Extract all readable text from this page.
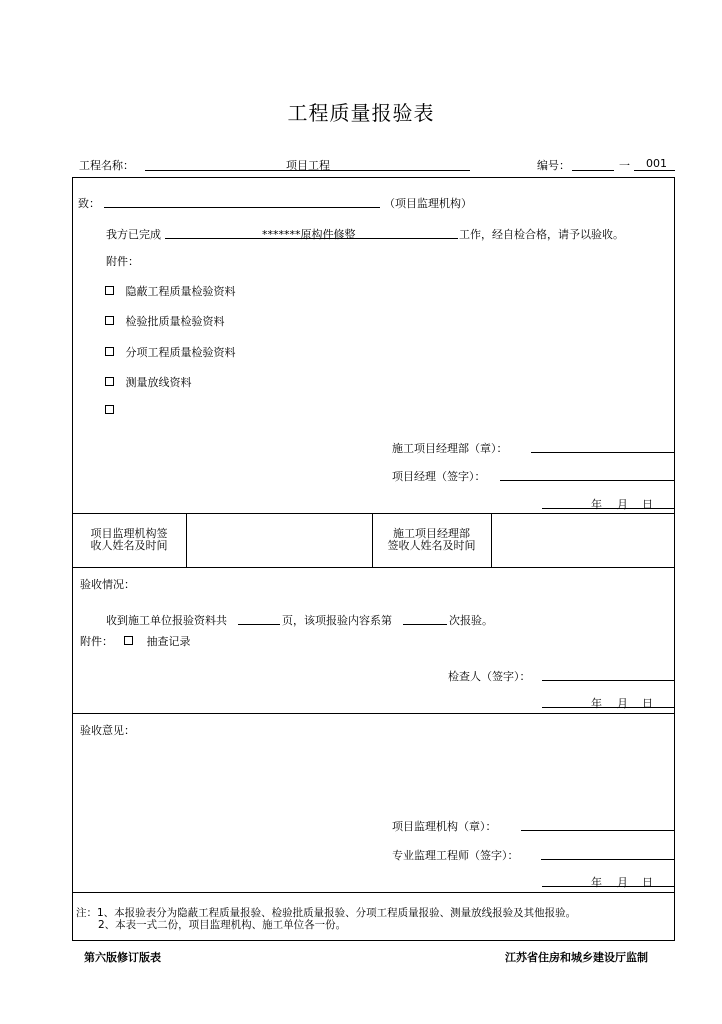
工程质量报验表
工程名称：	项目工程	编号：	一 001
致：	（项目监理机构）
我方已完成	*******原构件修整	工作，经自检合格，请予以验收。
附件：
隐蔽工程质量检验资料
检验批质量检验资料
分项工程质量检验资料
测量放线资料
施工项目经理部（章）：
项目经理（签字）：
年 月 日
项目监理机构签
收人姓名及时间
施工项目经理部
签收人姓名及时间
验收情况：
收到施工单位报验资料共	页，该项报验内容系第	次报验。
附件：	抽查记录
检查人（签字）：
年 月 日
验收意见：
项目监理机构（章）：
专业监理工程师（签字）：
年 月 日
注：1、本报验表分为隐蔽工程质量报验、检验批质量报验、分项工程质量报验、测量放线报验及其他报验。
2、本表一式二份，项目监理机构、施工单位各一份。
第六版修订版表	江苏省住房和城乡建设厅监制
